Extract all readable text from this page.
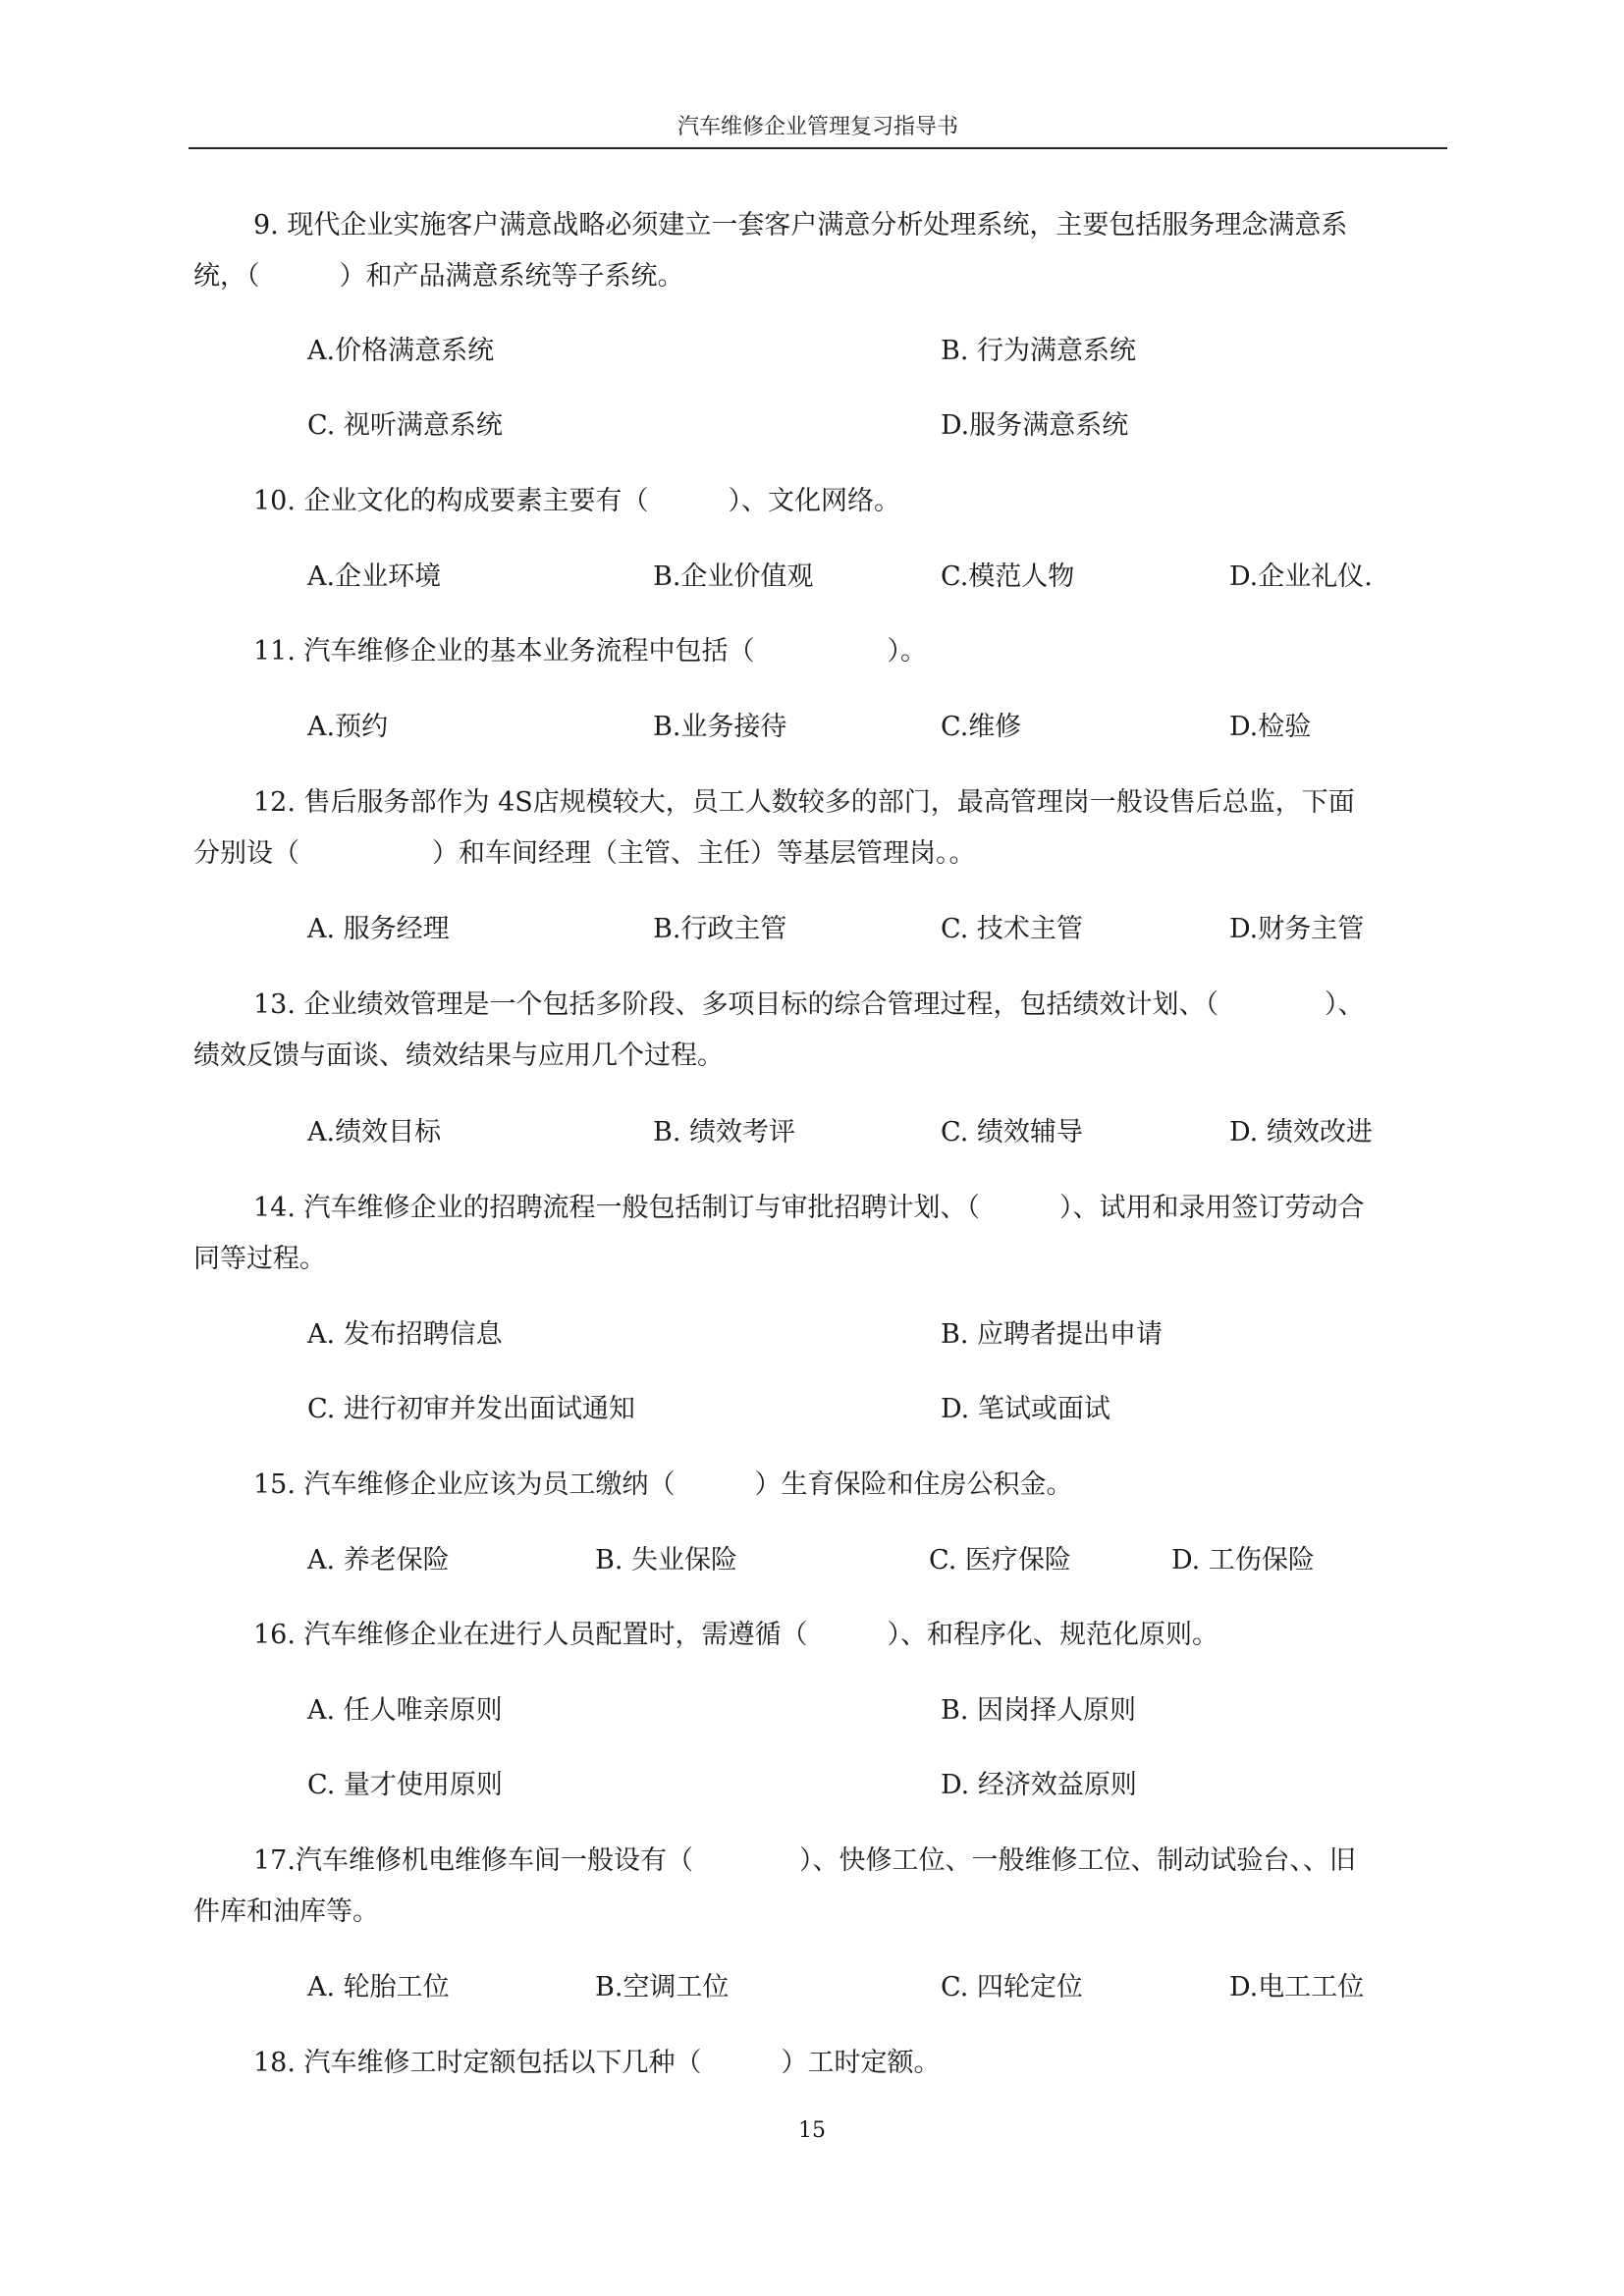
汽车维修企业管理复习指导书
9. 现代企业实施客户满意战略必须建立一套客户满意分析处理系统，主要包括服务理念满意系
统，（　　　）和产品满意系统等子系统。
A.价格满意系统	B. 行为满意系统
C. 视听满意系统	D.服务满意系统
10. 企业文化的构成要素主要有（　　　）、文化网络。
A.企业环境	B.企业价值观	C.模范人物	D.企业礼仪.
11. 汽车维修企业的基本业务流程中包括（　　　　　）。
A.预约	B.业务接待	C.维修	D.检验
12. 售后服务部作为 4S店规模较大，员工人数较多的部门，最高管理岗一般设售后总监，下面
分别设（　　　　　）和车间经理（主管、主任）等基层管理岗。。
A. 服务经理	B.行政主管	C. 技术主管	D.财务主管
13. 企业绩效管理是一个包括多阶段、多项目标的综合管理过程，包括绩效计划、（　　　　）、
绩效反馈与面谈、绩效结果与应用几个过程。
A.绩效目标	B. 绩效考评	C. 绩效辅导	D. 绩效改进
14. 汽车维修企业的招聘流程一般包括制订与审批招聘计划、（　　　）、试用和录用签订劳动合
同等过程。
A. 发布招聘信息	B. 应聘者提出申请
C. 进行初审并发出面试通知	D. 笔试或面试
15. 汽车维修企业应该为员工缴纳（　　　）生育保险和住房公积金。
A. 养老保险	B. 失业保险	C. 医疗保险	D. 工伤保险
16. 汽车维修企业在进行人员配置时，需遵循（　　　）、和程序化、规范化原则。
A. 任人唯亲原则	B. 因岗择人原则
C. 量才使用原则	D. 经济效益原则
17.汽车维修机电维修车间一般设有（　　　　）、快修工位、一般维修工位、制动试验台、、旧
件库和油库等。
A. 轮胎工位	B.空调工位	C. 四轮定位	D.电工工位
18. 汽车维修工时定额包括以下几种（　　　）工时定额。
15
